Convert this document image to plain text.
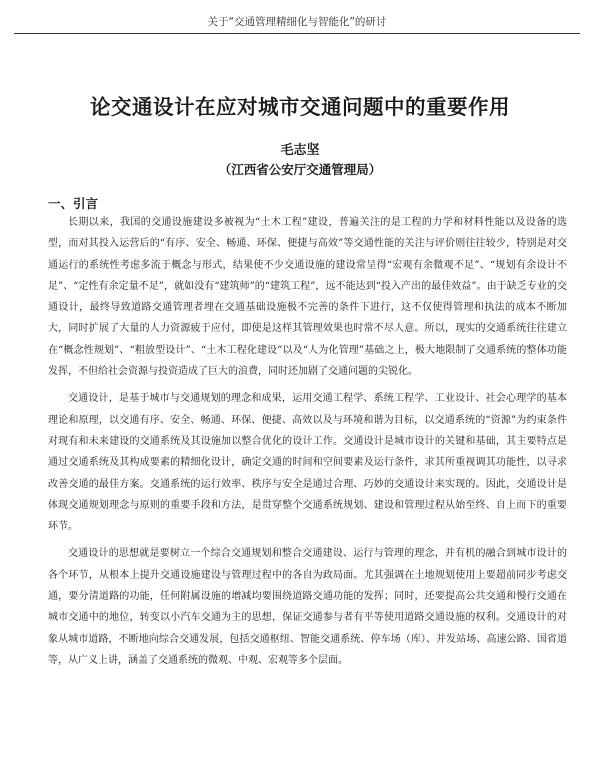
关于“交通管理精细化与智能化”的研讨
论交通设计在应对城市交通问题中的重要作用
毛志坚
（江西省公安厅交通管理局）
一、引言

长期以来，我国的交通设施建设多被视为“土木工程”建设，普遍关注的是工程的力学和材料性能以及设备的选型，而对其投入运营后的“有序、安全、畅通、环保、便捷与高效”等交通性能的关注与评价则往往较少，特别是对交通运行的系统性考虑多流于概念与形式，结果使不少交通设施的建设常呈得“宏观有余微观不足”、“规划有余设计不足”、“定性有余定量不足”，就如没有“建筑师”的“建筑工程”，远不能达到“投入产出的最佳效益”。由于缺乏专业的交通设计，最终导致道路交通管理者埋在交通基础设施极不完善的条件下进行，这不仅使得管理和执法的成本不断加大，同时扩展了大量的人力资源疲于应付，即使是这样其管理效果也时常不尽人意。所以，现实的交通系统往往建立在“概念性规划”、“粗放型设计”、“土木工程化建设”以及“人为化管理”基础之上，极大地限制了交通系统的整体功能发挥，不但给社会资源与投资造成了巨大的浪费，同时还加剧了交通问题的尖锐化。

交通设计，是基于城市与交通规划的理念和成果，运用交通工程学、系统工程学、工业设计、社会心理学的基本理论和原理，以交通有序、安全、畅通、环保、便捷、高效以及与环境和谐为目标，以交通系统的“资源”为约束条件对现有和未来建设的交通系统及其设施加以整合优化的设计工作。交通设计是城市设计的关键和基础，其主要特点是通过交通系统及其构成要素的精细化设计，确定交通的时间和空间要素及运行条件，求其所重视调其功能性，以寻求改善交通的最佳方案。交通系统的运行效率、秩序与安全是通过合理、巧妙的交通设计来实现的。因此，交通设计是体现交通规划理念与原则的重要手段和方法，是贯穿整个交通系统规划、建设和管理过程从始至终、自上而下的重要环节。

交通设计的思想就是要树立一个综合交通规划和整合交通建设、运行与管理的理念，并有机的融合到城市设计的各个环节，从根本上提升交通设施建设与管理过程中的各自为政局面。尤其强调在土地规划使用上要超前同步考虑交通，要分清道路的功能，任何附属设施的增减均要围绕道路交通功能的发挥；同时，还要提高公共交通和慢行交通在城市交通中的地位，转变以小汽车交通为主的思想，保证交通参与者有平等使用道路交通设施的权利。交通设计的对象从城市道路，不断地向综合交通发展，包括交通枢纽、智能交通系统、停车场（库）、并发站场、高速公路、国省道等，从广义上讲，涵盖了交通系统的微观、中观、宏观等多个层面。
